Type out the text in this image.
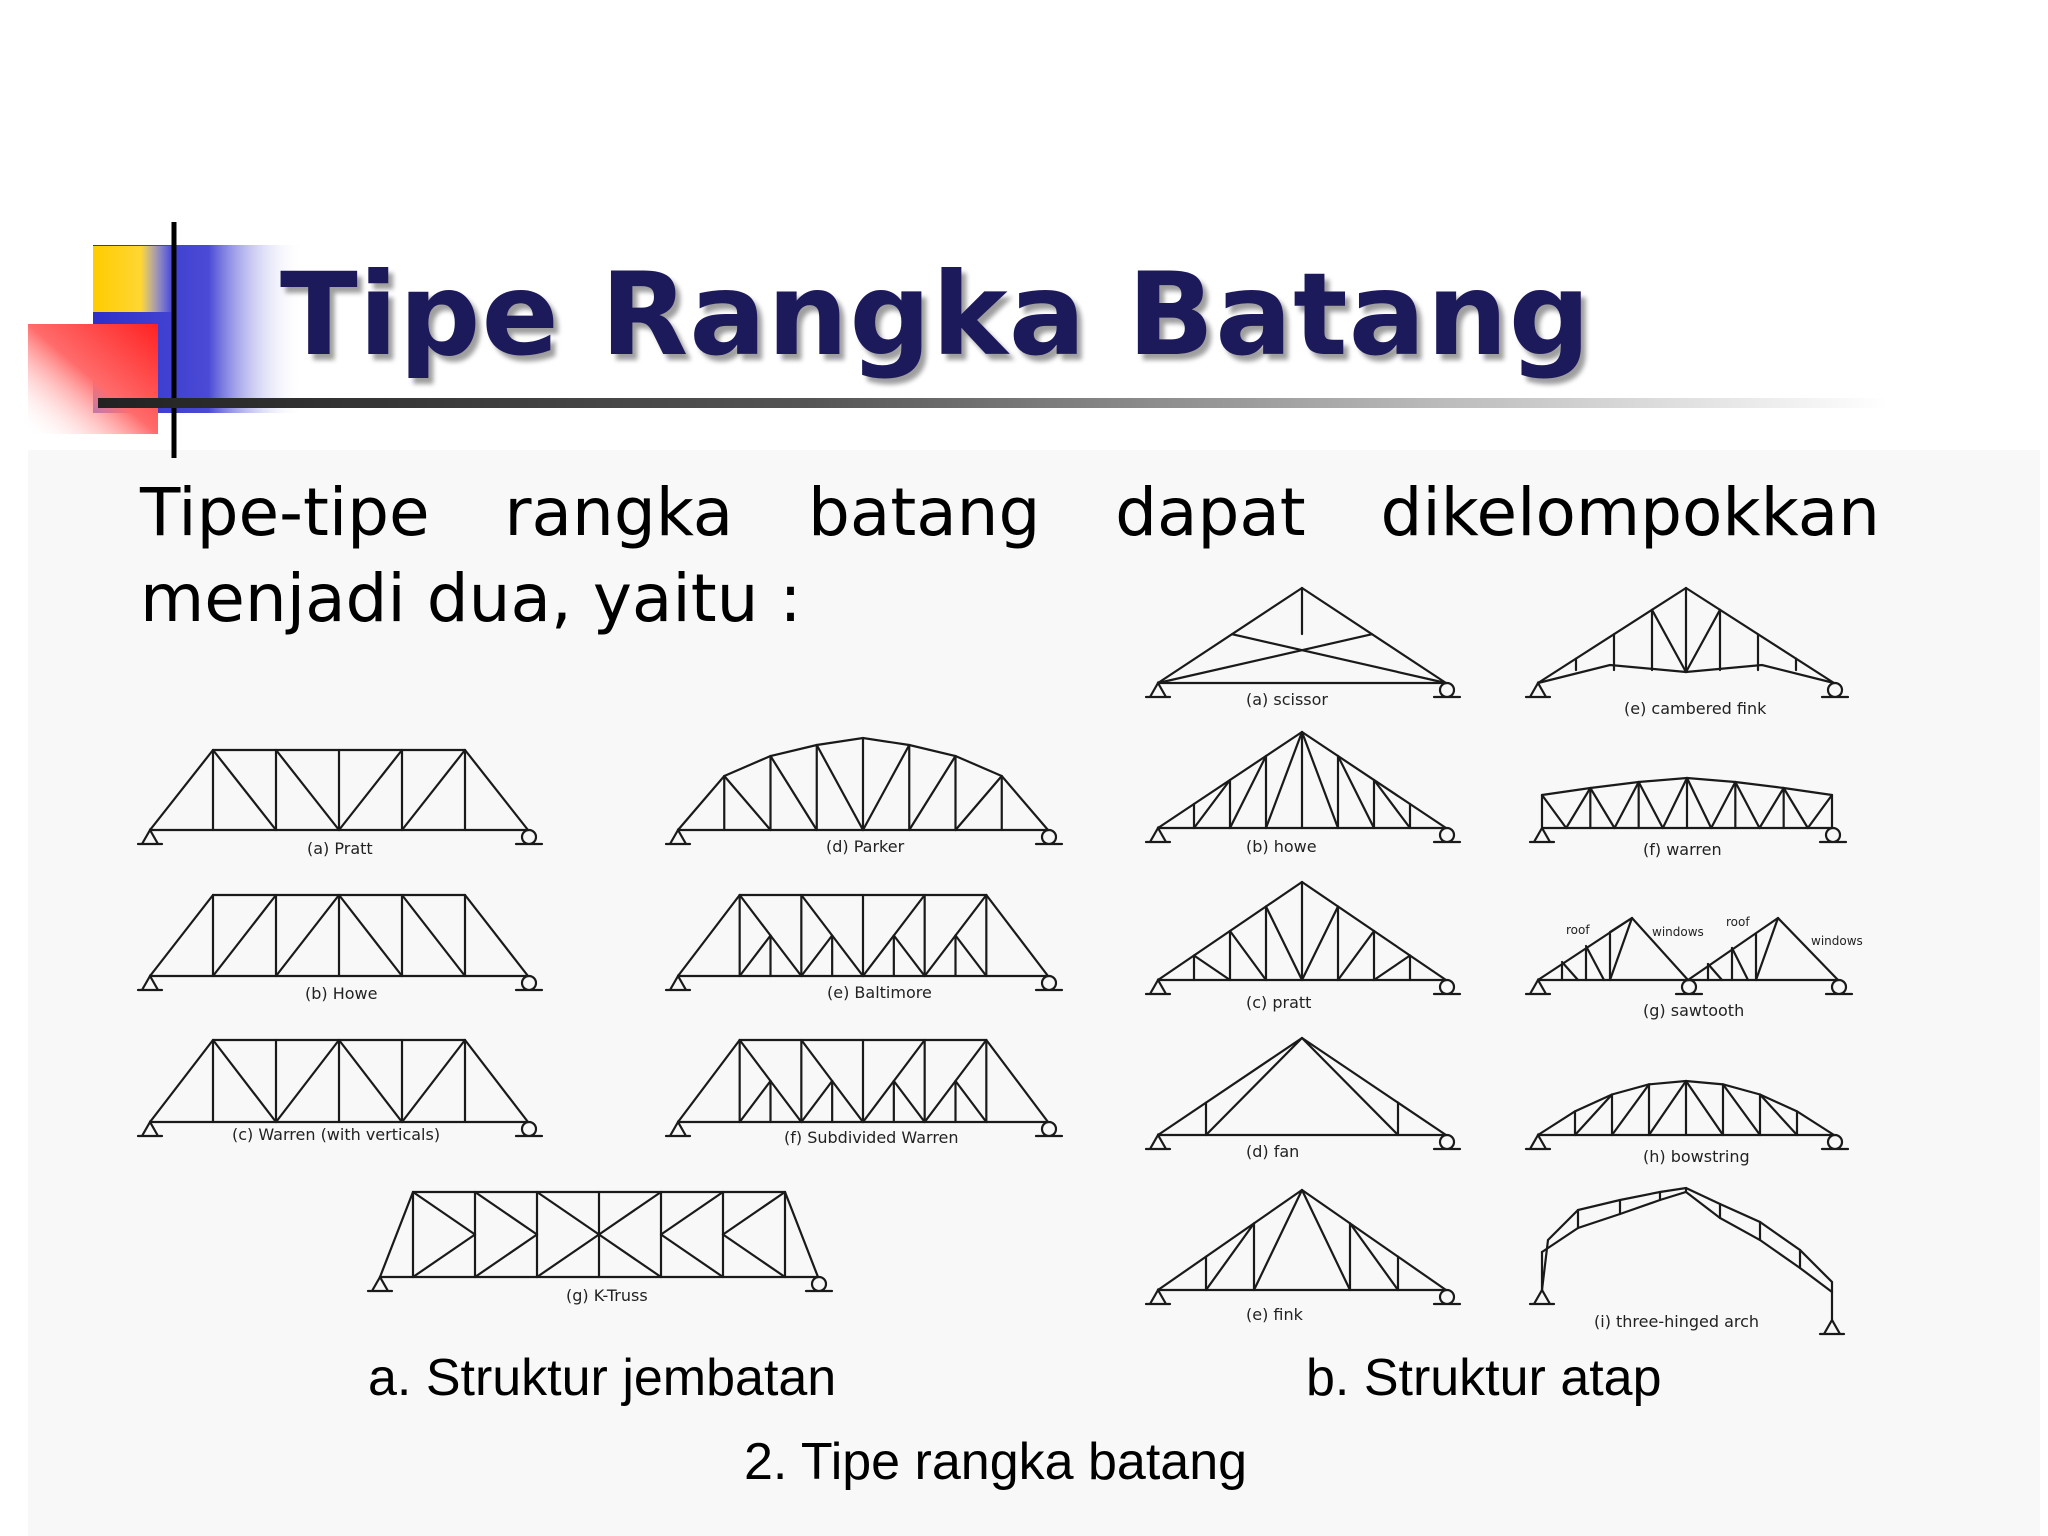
Tipe Rangka Batang
Tipe-tipe rangka batang dapat dikelompokkan menjadi dua, yaitu :
(a) Pratt
(b) Howe
(c) Warren (with verticals)
(d) Parker
(e) Baltimore
(f) Subdivided Warren
(g) K-Truss
(a) scissor
(b) howe
(c) pratt
(d) fan
(e) fink
(e) cambered fink
(f) warren
(g) sawtooth
(h) bowstring
(i) three-hinged arch
roof	windows
roof
windows
a. Struktur jembatan	b. Struktur atap
2. Tipe rangka batang
